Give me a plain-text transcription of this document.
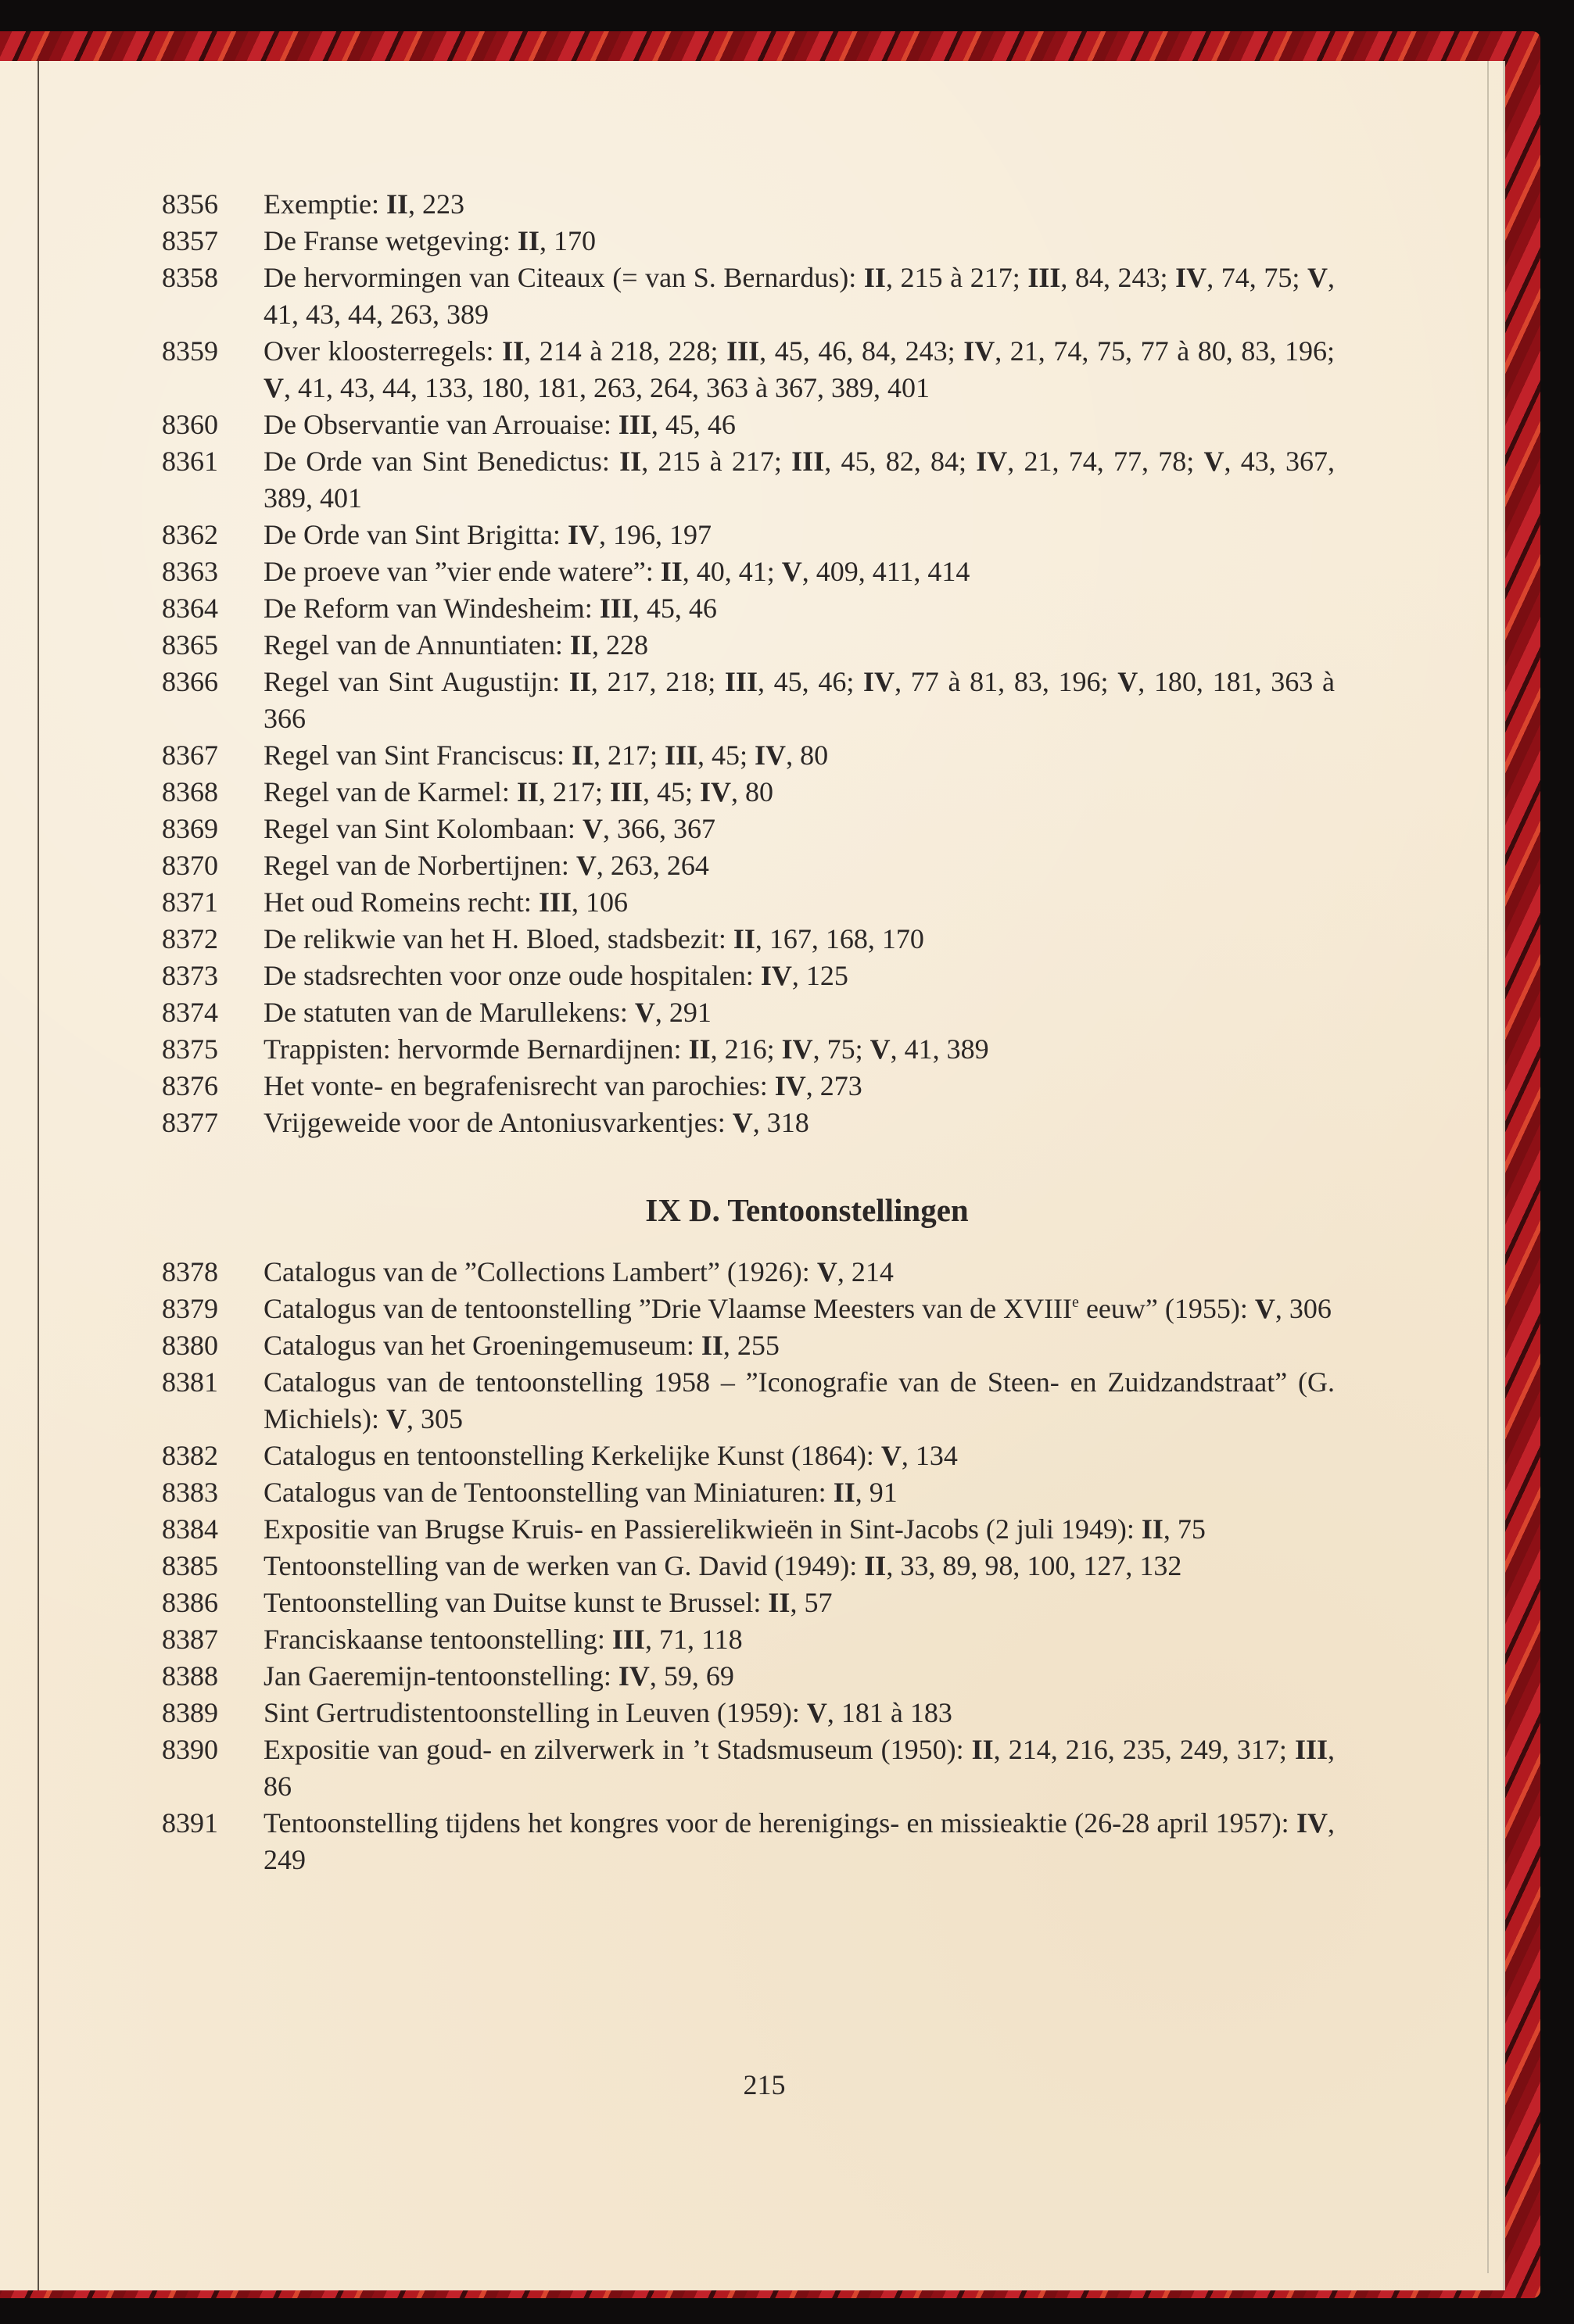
8356	Exemptie: II, 223
8357	De Franse wetgeving: II, 170
8358	De hervormingen van Citeaux (= van S. Bernardus): II, 215 à 217; III, 84, 243; IV, 74, 75; V, 41, 43, 44, 263, 389
8359	Over kloosterregels: II, 214 à 218, 228; III, 45, 46, 84, 243; IV, 21, 74, 75, 77 à 80, 83, 196; V, 41, 43, 44, 133, 180, 181, 263, 264, 363 à 367, 389, 401
8360	De Observantie van Arrouaise: III, 45, 46
8361	De Orde van Sint Benedictus: II, 215 à 217; III, 45, 82, 84; IV, 21, 74, 77, 78; V, 43, 367, 389, 401
8362	De Orde van Sint Brigitta: IV, 196, 197
8363	De proeve van ”vier ende watere”: II, 40, 41; V, 409, 411, 414
8364	De Reform van Windesheim: III, 45, 46
8365	Regel van de Annuntiaten: II, 228
8366	Regel van Sint Augustijn: II, 217, 218; III, 45, 46; IV, 77 à 81, 83, 196; V, 180, 181, 363 à 366
8367	Regel van Sint Franciscus: II, 217; III, 45; IV, 80
8368	Regel van de Karmel: II, 217; III, 45; IV, 80
8369	Regel van Sint Kolombaan: V, 366, 367
8370	Regel van de Norbertijnen: V, 263, 264
8371	Het oud Romeins recht: III, 106
8372	De relikwie van het H. Bloed, stadsbezit: II, 167, 168, 170
8373	De stadsrechten voor onze oude hospitalen: IV, 125
8374	De statuten van de Marullekens: V, 291
8375	Trappisten: hervormde Bernardijnen: II, 216; IV, 75; V, 41, 389
8376	Het vonte- en begrafenisrecht van parochies: IV, 273
8377	Vrijgeweide voor de Antoniusvarkentjes: V, 318
IX D. Tentoonstellingen
8378	Catalogus van de ”Collections Lambert” (1926): V, 214
8379	Catalogus van de tentoonstelling ”Drie Vlaamse Meesters van de XVIIIe eeuw” (1955): V, 306
8380	Catalogus van het Groeningemuseum: II, 255
8381	Catalogus van de tentoonstelling 1958 – ”Iconografie van de Steen- en Zuidzandstraat” (G. Michiels): V, 305
8382	Catalogus en tentoonstelling Kerkelijke Kunst (1864): V, 134
8383	Catalogus van de Tentoonstelling van Miniaturen: II, 91
8384	Expositie van Brugse Kruis- en Passierelikwieën in Sint-Jacobs (2 juli 1949): II, 75
8385	Tentoonstelling van de werken van G. David (1949): II, 33, 89, 98, 100, 127, 132
8386	Tentoonstelling van Duitse kunst te Brussel: II, 57
8387	Franciskaanse tentoonstelling: III, 71, 118
8388	Jan Gaeremijn-tentoonstelling: IV, 59, 69
8389	Sint Gertrudistentoonstelling in Leuven (1959): V, 181 à 183
8390	Expositie van goud- en zilverwerk in ’t Stadsmuseum (1950): II, 214, 216, 235, 249, 317; III, 86
8391	Tentoonstelling tijdens het kongres voor de herenigings- en missieaktie (26-28 april 1957): IV, 249
215
